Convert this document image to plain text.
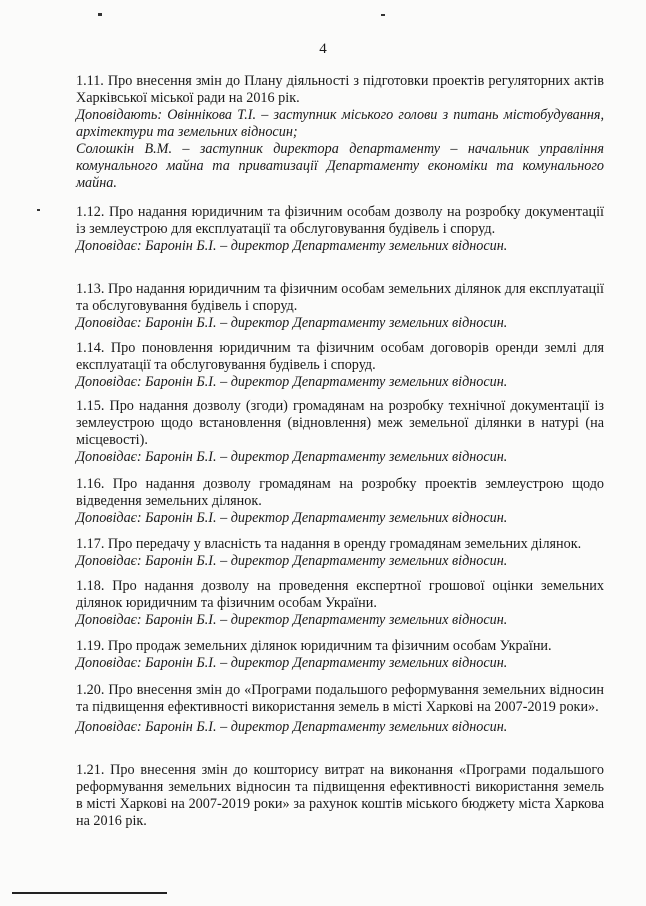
4

1.11. Про внесення змін до Плану діяльності з підготовки проектів регуляторних актів Харківської міської ради на 2016 рік.

Доповідають: Овіннікова Т.І. – заступник міського голови з питань містобудування, архітектури та земельних відносин;

Солошкін В.М. – заступник директора департаменту – начальник управління комунального майна та приватизації Департаменту економіки та комунального майна.

1.12. Про надання юридичним та фізичним особам дозволу на розробку документації із землеустрою для експлуатації та обслуговування будівель і споруд.

Доповідає: Баронін Б.І. – директор Департаменту земельних відносин.

1.13. Про надання юридичним та фізичним особам земельних ділянок для експлуатації та обслуговування будівель і споруд.

Доповідає: Баронін Б.І. – директор Департаменту земельних відносин.

1.14. Про поновлення юридичним та фізичним особам договорів оренди землі для експлуатації та обслуговування будівель і споруд.

Доповідає: Баронін Б.І. – директор Департаменту земельних відносин.

1.15. Про надання дозволу (згоди) громадянам на розробку технічної документації із землеустрою щодо встановлення (відновлення) меж земельної ділянки в натурі (на місцевості).

Доповідає: Баронін Б.І. – директор Департаменту земельних відносин.

1.16. Про надання дозволу громадянам на розробку проектів землеустрою щодо відведення земельних ділянок.

Доповідає: Баронін Б.І. – директор Департаменту земельних відносин.

1.17. Про передачу у власність та надання в оренду громадянам земельних ділянок.

Доповідає: Баронін Б.І. – директор Департаменту земельних відносин.

1.18. Про надання дозволу на проведення експертної грошової оцінки земельних ділянок юридичним та фізичним особам України.

Доповідає: Баронін Б.І. – директор Департаменту земельних відносин.

1.19. Про продаж земельних ділянок юридичним та фізичним особам України.

Доповідає: Баронін Б.І. – директор Департаменту земельних відносин.

1.20. Про внесення змін до «Програми подальшого реформування земельних відносин та підвищення ефективності використання земель в місті Харкові на 2007-2019 роки».

Доповідає: Баронін Б.І. – директор Департаменту земельних відносин.

1.21. Про внесення змін до кошторису витрат на виконання «Програми подальшого реформування земельних відносин та підвищення ефективності використання земель в місті Харкові на 2007-2019 роки» за рахунок коштів міського бюджету міста Харкова на 2016 рік.
